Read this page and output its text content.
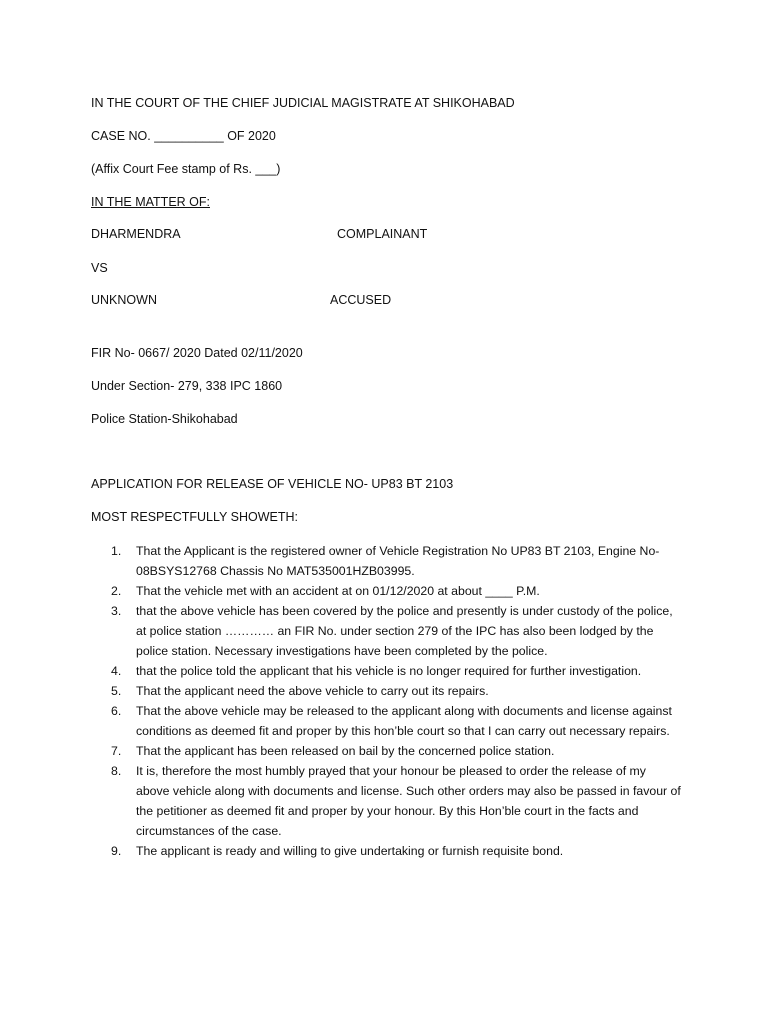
IN THE COURT OF THE CHIEF JUDICIAL MAGISTRATE AT SHIKOHABAD
CASE NO. __________ OF 2020
(Affix Court Fee stamp of Rs. ___)
IN THE MATTER OF:
DHARMENDRA	COMPLAINANT
VS
UNKNOWN	ACCUSED
FIR No- 0667/ 2020 Dated 02/11/2020
Under Section- 279, 338 IPC 1860
Police Station-Shikohabad
APPLICATION FOR RELEASE OF VEHICLE NO- UP83 BT 2103
MOST RESPECTFULLY SHOWETH:
1. That the Applicant is the registered owner of Vehicle Registration No UP83 BT 2103, Engine No-08BSYS12768 Chassis No MAT535001HZB03995.
2. That the vehicle met with an accident at on 01/12/2020 at about ____ P.M.
3. that the above vehicle has been covered by the police and presently is under custody of the police, at police station ………… an FIR No. under section 279 of the IPC has also been lodged by the police station. Necessary investigations have been completed by the police.
4. that the police told the applicant that his vehicle is no longer required for further investigation.
5. That the applicant need the above vehicle to carry out its repairs.
6. That the above vehicle may be released to the applicant along with documents and license against conditions as deemed fit and proper by this hon’ble court so that I can carry out necessary repairs.
7. That the applicant has been released on bail by the concerned police station.
8. It is, therefore the most humbly prayed that your honour be pleased to order the release of my above vehicle along with documents and license. Such other orders may also be passed in favour of the petitioner as deemed fit and proper by your honour. By this Hon’ble court in the facts and circumstances of the case.
9. The applicant is ready and willing to give undertaking or furnish requisite bond.
